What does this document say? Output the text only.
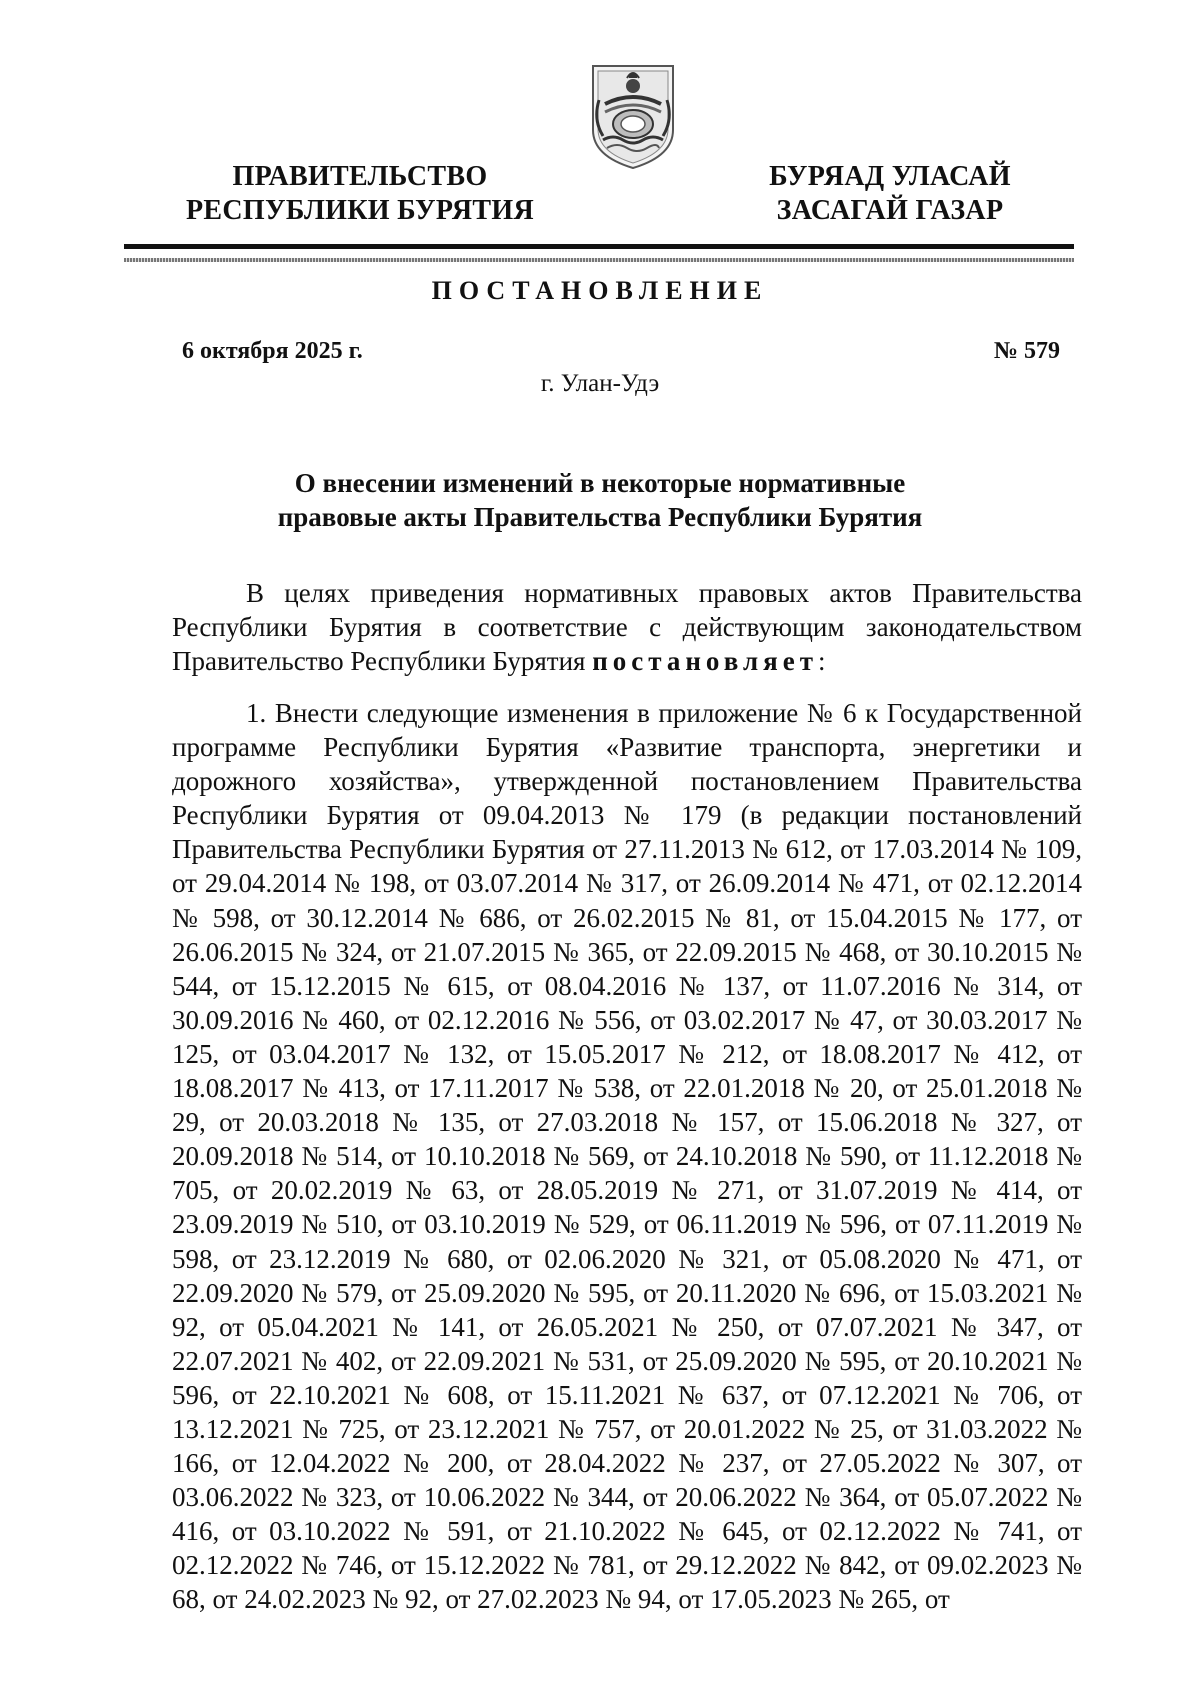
ПРАВИТЕЛЬСТВО
РЕСПУБЛИКИ БУРЯТИЯ
БУРЯАД УЛАСАЙ
ЗАСАГАЙ ГАЗАР
ПОСТАНОВЛЕНИЕ
6 октября 2025 г.	№ 579
г. Улан-Удэ
О внесении изменений в некоторые нормативные
правовые акты Правительства Республики Бурятия

В целях приведения нормативных правовых актов Правительства Республики Бурятия в соответствие с действующим законодательством Правительство Республики Бурятия постановляет:

1. Внести следующие изменения в приложение № 6 к Государственной программе Республики Бурятия «Развитие транспорта, энергетики и дорожного хозяйства», утвержденной постановлением Правительства Республики Бурятия от 09.04.2013 № 179 (в редакции постановлений Правительства Республики Бурятия от 27.11.2013 № 612, от 17.03.2014 № 109, от 29.04.2014 № 198, от 03.07.2014 № 317, от 26.09.2014 № 471, от 02.12.2014 № 598, от 30.12.2014 № 686, от 26.02.2015 № 81, от 15.04.2015 № 177, от 26.06.2015 № 324, от 21.07.2015 № 365, от 22.09.2015 № 468, от 30.10.2015 № 544, от 15.12.2015 № 615, от 08.04.2016 № 137, от 11.07.2016 № 314, от 30.09.2016 № 460, от 02.12.2016 № 556, от 03.02.2017 № 47, от 30.03.2017 № 125, от 03.04.2017 № 132, от 15.05.2017 № 212, от 18.08.2017 № 412, от 18.08.2017 № 413, от 17.11.2017 № 538, от 22.01.2018 № 20, от 25.01.2018 № 29, от 20.03.2018 № 135, от 27.03.2018 № 157, от 15.06.2018 № 327, от 20.09.2018 № 514, от 10.10.2018 № 569, от 24.10.2018 № 590, от 11.12.2018 № 705, от 20.02.2019 № 63, от 28.05.2019 № 271, от 31.07.2019 № 414, от 23.09.2019 № 510, от 03.10.2019 № 529, от 06.11.2019 № 596, от 07.11.2019 № 598, от 23.12.2019 № 680, от 02.06.2020 № 321, от 05.08.2020 № 471, от 22.09.2020 № 579, от 25.09.2020 № 595, от 20.11.2020 № 696, от 15.03.2021 № 92, от 05.04.2021 № 141, от 26.05.2021 № 250, от 07.07.2021 № 347, от 22.07.2021 № 402, от 22.09.2021 № 531, от 25.09.2020 № 595, от 20.10.2021 № 596, от 22.10.2021 № 608, от 15.11.2021 № 637, от 07.12.2021 № 706, от 13.12.2021 № 725, от 23.12.2021 № 757, от 20.01.2022 № 25, от 31.03.2022 № 166, от 12.04.2022 № 200, от 28.04.2022 № 237, от 27.05.2022 № 307, от 03.06.2022 № 323, от 10.06.2022 № 344, от 20.06.2022 № 364, от 05.07.2022 № 416, от 03.10.2022 № 591, от 21.10.2022 № 645, от 02.12.2022 № 741, от 02.12.2022 № 746, от 15.12.2022 № 781, от 29.12.2022 № 842, от 09.02.2023 № 68, от 24.02.2023 № 92, от 27.02.2023 № 94, от 17.05.2023 № 265, от
